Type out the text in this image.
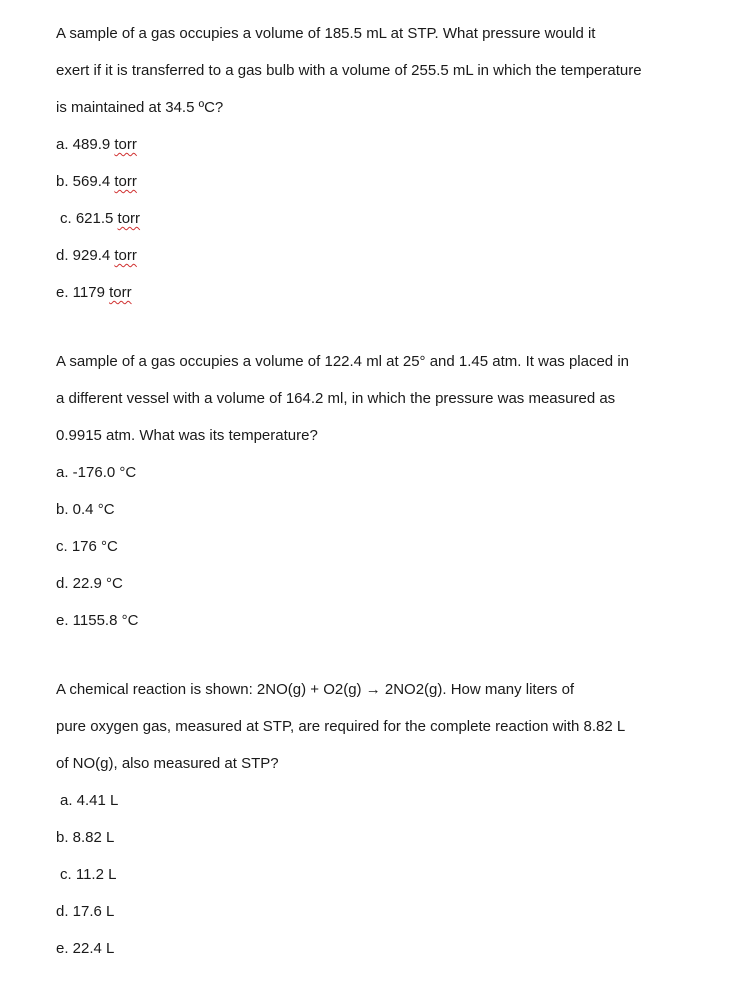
A sample of a gas occupies a volume of 185.5 mL at STP. What pressure would it
exert if it is transferred to a gas bulb with a volume of 255.5 mL in which the temperature
is maintained at 34.5 ºC?
a. 489.9 torr
b. 569.4 torr
c. 621.5 torr
d. 929.4 torr
e. 1179 torr
A sample of a gas occupies a volume of 122.4 ml at 25° and 1.45 atm. It was placed in
a different vessel with a volume of 164.2 ml, in which the pressure was measured as
0.9915 atm. What was its temperature?
a. -176.0 °C
b. 0.4 °C
c. 176 °C
d. 22.9 °C
e. 1155.8 °C
A chemical reaction is shown: 2NO(g) + O2(g) → 2NO2(g). How many liters of
pure oxygen gas, measured at STP, are required for the complete reaction with 8.82 L
of NO(g), also measured at STP?
a. 4.41 L
b. 8.82 L
c. 11.2 L
d. 17.6 L
e. 22.4 L
